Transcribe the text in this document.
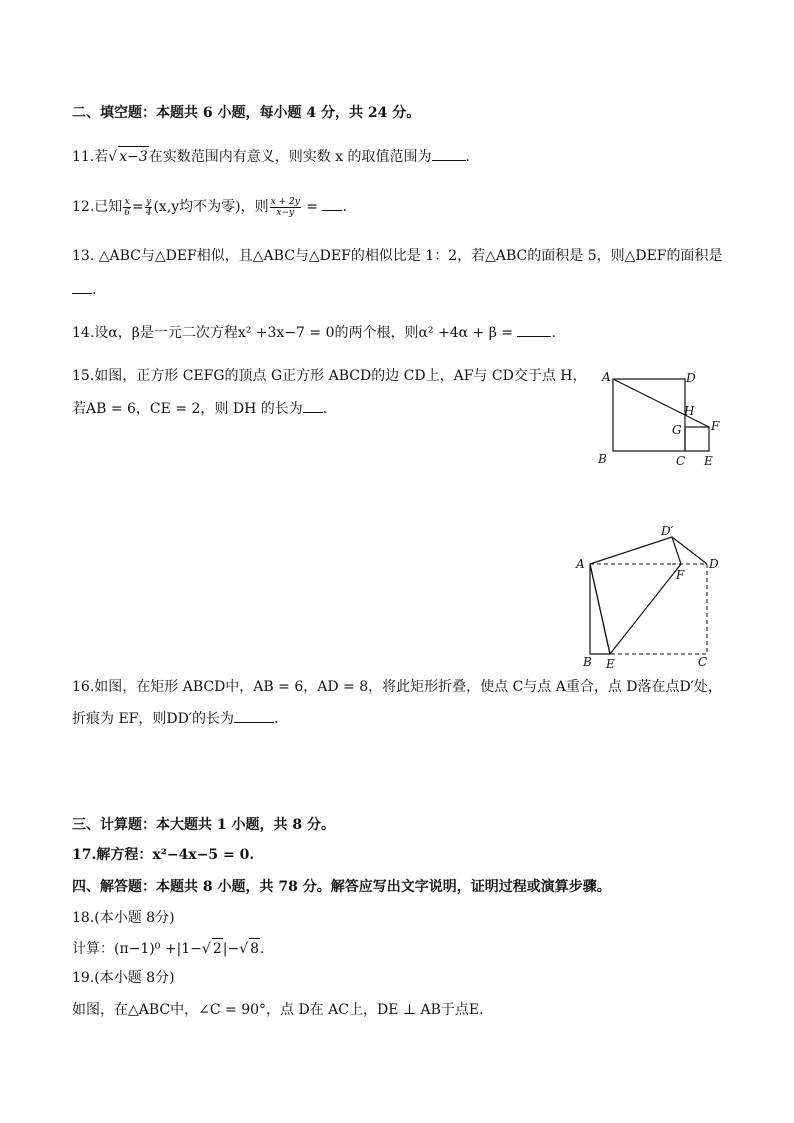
二、填空题：本题共 6 小题，每小题 4 分，共 24 分。
11.若√ x−3在实数范围内有意义，则实数 x 的取值范围为 .
12.已知 $\frac{x}{6} = \frac{y}{4} (x,y$均不为零)，则 $\frac{x + 2y}{x-y}$ = .
13. △ABC与△DEF相似，且△ABC与△DEF的相似比是 1：2，若△ABC的面积是 5，则△DEF的面积是
.
14.设α，β是一元二次方程x² +3x−7 = 0的两个根，则α² +4α + β = .
15.如图，正方形 CEFG的顶点 G正方形 ABCD的边 CD上，AF与 CD交于点 H，
若AB = 6，CE = 2，则 DH 的长为 .
A	D
H
F
G
B	C E
A
D′
D
F
B E	C
16.如图，在矩形 ABCD中，AB = 6，AD = 8，将此矩形折叠，使点 C与点 A重合，点 D落在点D′处，
折痕为 EF，则DD′的长为	.
三、计算题：本大题共 1 小题，共 8 分。
17.解方程：x²−4x−5 = 0.
四、解答题：本题共 8 小题，共 78 分。解答应写出文字说明，证明过程或演算步骤。
18.(本小题 8分)
计算：(π−1)⁰ +|1−√ 2|−√ 8.
19.(本小题 8分)
如图，在△ABC中，∠C = 90°，点 D在 AC上，DE ⊥ AB于点E.
